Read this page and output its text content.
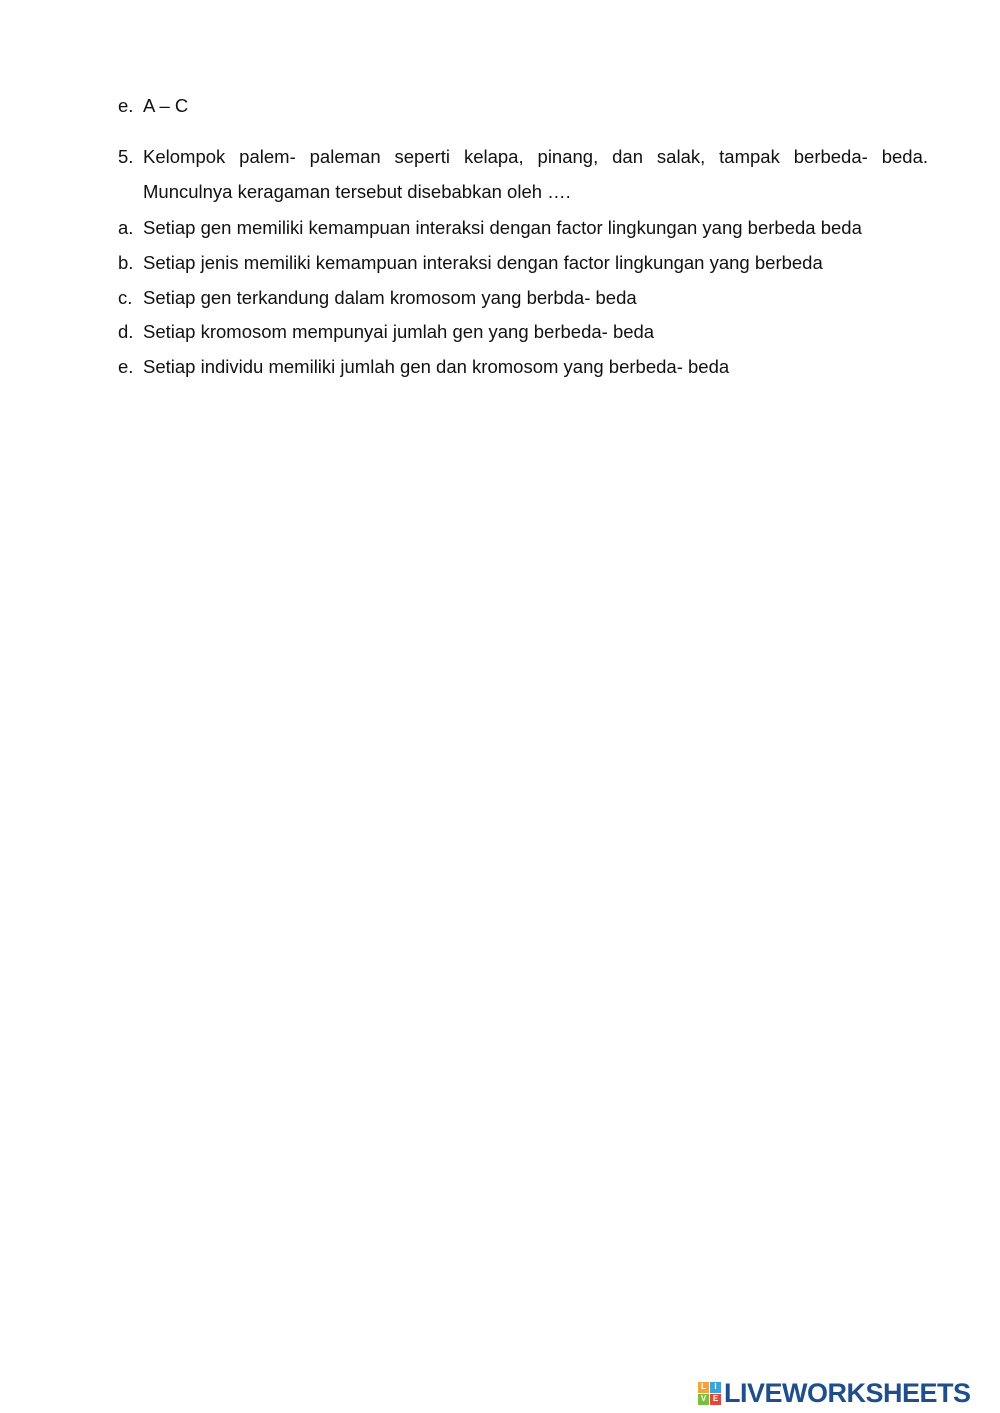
e. A – C
5. Kelompok palem- paleman seperti kelapa, pinang, dan salak, tampak berbeda- beda.
Munculnya keragaman tersebut disebabkan oleh ….
a. Setiap gen memiliki kemampuan interaksi dengan factor lingkungan yang berbeda beda
b. Setiap jenis memiliki kemampuan interaksi dengan factor lingkungan yang berbeda
c. Setiap gen terkandung dalam kromosom yang berbda- beda
d. Setiap kromosom mempunyai jumlah gen yang berbeda- beda
e. Setiap individu memiliki jumlah gen dan kromosom yang berbeda- beda
L	I
V E LIVEWORKSHEETS
